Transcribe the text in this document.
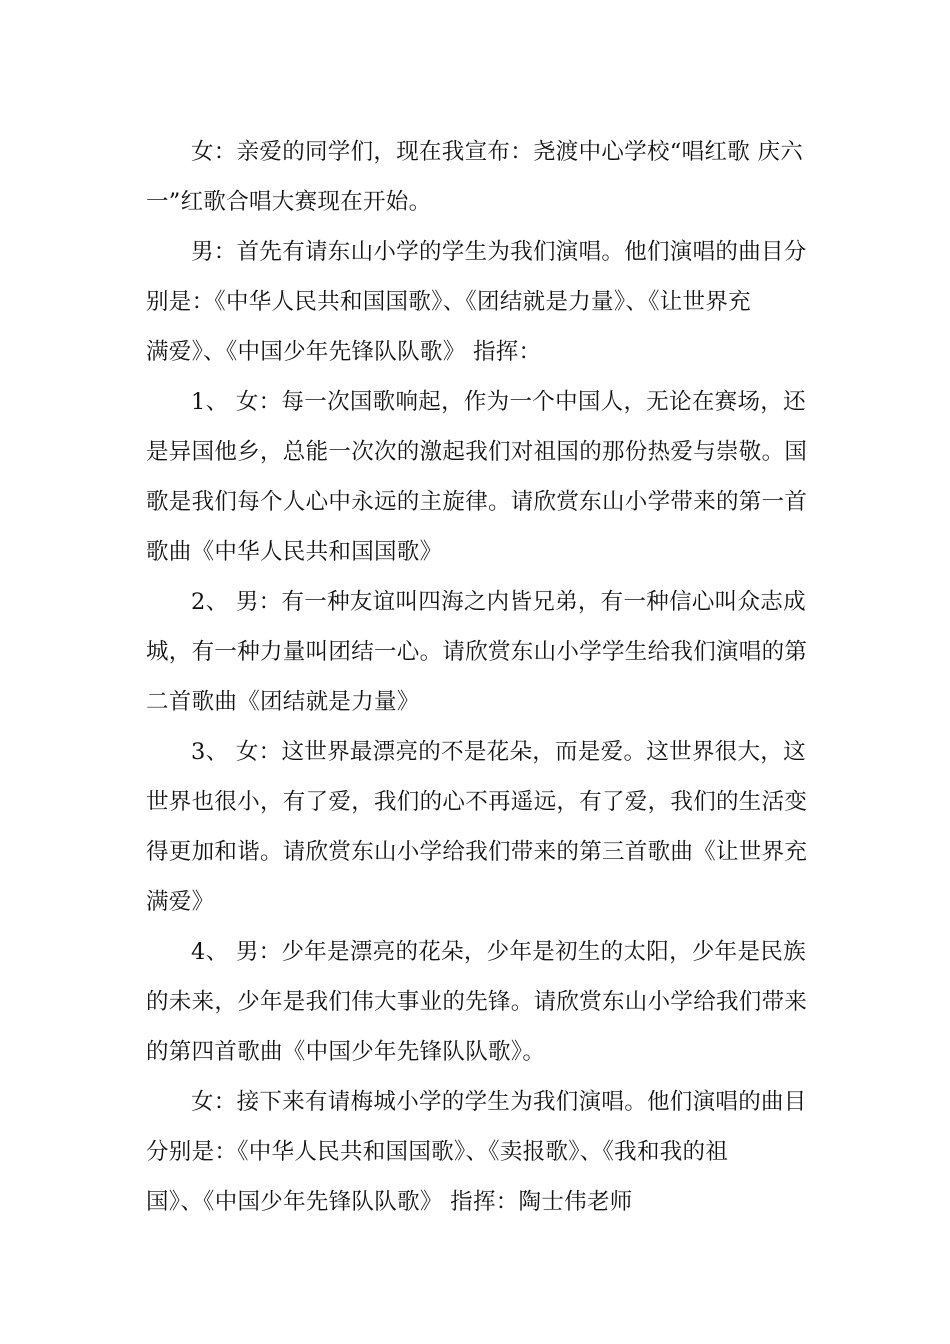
女：亲爱的同学们，现在我宣布：尧渡中心学校“唱红歌 庆六
一”红歌合唱大赛现在开始。

男：首先有请东山小学的学生为我们演唱。他们演唱的曲目分
别是：《中华人民共和国国歌》、《团结就是力量》、《让世界充
满爱》、《中国少年先锋队队歌》 指挥：

1、 女：每一次国歌响起，作为一个中国人，无论在赛场，还
是异国他乡，总能一次次的激起我们对祖国的那份热爱与崇敬。国
歌是我们每个人心中永远的主旋律。请欣赏东山小学带来的第一首
歌曲《中华人民共和国国歌》

2、 男：有一种友谊叫四海之内皆兄弟，有一种信心叫众志成
城，有一种力量叫团结一心。请欣赏东山小学学生给我们演唱的第
二首歌曲《团结就是力量》

3、 女：这世界最漂亮的不是花朵，而是爱。这世界很大，这
世界也很小，有了爱，我们的心不再遥远，有了爱，我们的生活变
得更加和谐。请欣赏东山小学给我们带来的第三首歌曲《让世界充
满爱》

4、 男：少年是漂亮的花朵，少年是初生的太阳，少年是民族
的未来，少年是我们伟大事业的先锋。请欣赏东山小学给我们带来
的第四首歌曲《中国少年先锋队队歌》。

女：接下来有请梅城小学的学生为我们演唱。他们演唱的曲目
分别是：《中华人民共和国国歌》、《卖报歌》、《我和我的祖
国》、《中国少年先锋队队歌》 指挥：陶士伟老师
